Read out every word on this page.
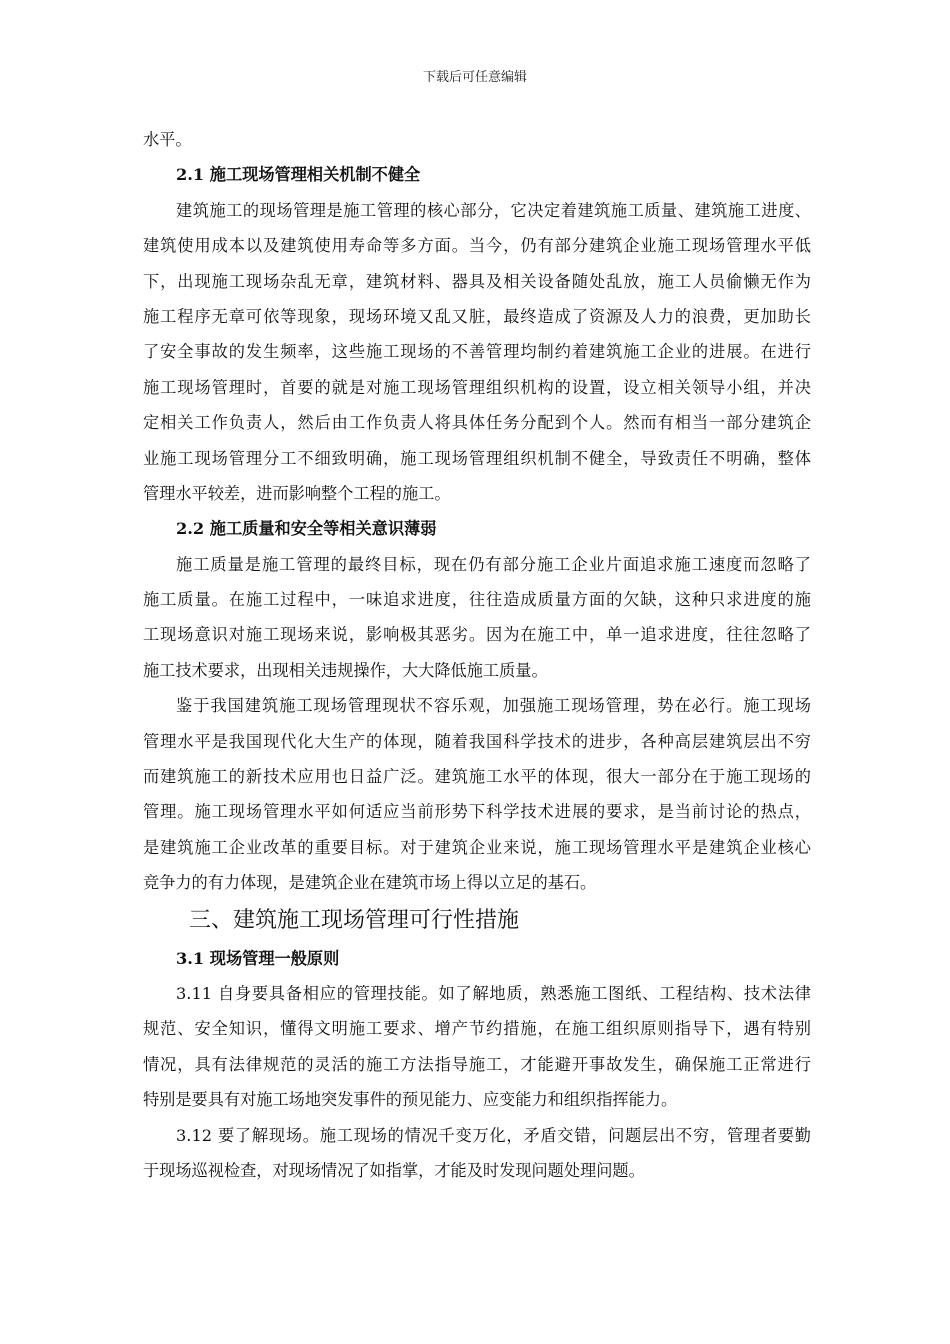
下载后可任意编辑
水平。
2.1 施工现场管理相关机制不健全
建筑施工的现场管理是施工管理的核心部分，它决定着建筑施工质量、建筑施工进度、
建筑使用成本以及建筑使用寿命等多方面。当今，仍有部分建筑企业施工现场管理水平低
下，出现施工现场杂乱无章，建筑材料、器具及相关设备随处乱放，施工人员偷懒无作为
施工程序无章可依等现象，现场环境又乱又脏，最终造成了资源及人力的浪费，更加助长
了安全事故的发生频率，这些施工现场的不善管理均制约着建筑施工企业的进展。在进行
施工现场管理时，首要的就是对施工现场管理组织机构的设置，设立相关领导小组，并决
定相关工作负责人，然后由工作负责人将具体任务分配到个人。然而有相当一部分建筑企
业施工现场管理分工不细致明确，施工现场管理组织机制不健全，导致责任不明确，整体
管理水平较差，进而影响整个工程的施工。
2.2 施工质量和安全等相关意识薄弱
施工质量是施工管理的最终目标，现在仍有部分施工企业片面追求施工速度而忽略了
施工质量。在施工过程中，一味追求进度，往往造成质量方面的欠缺，这种只求进度的施
工现场意识对施工现场来说，影响极其恶劣。因为在施工中，单一追求进度，往往忽略了
施工技术要求，出现相关违规操作，大大降低施工质量。
鉴于我国建筑施工现场管理现状不容乐观，加强施工现场管理，势在必行。施工现场
管理水平是我国现代化大生产的体现，随着我国科学技术的进步，各种高层建筑层出不穷
而建筑施工的新技术应用也日益广泛。建筑施工水平的体现，很大一部分在于施工现场的
管理。施工现场管理水平如何适应当前形势下科学技术进展的要求，是当前讨论的热点，
是建筑施工企业改革的重要目标。对于建筑企业来说，施工现场管理水平是建筑企业核心
竞争力的有力体现，是建筑企业在建筑市场上得以立足的基石。
三、建筑施工现场管理可行性措施
3.1 现场管理一般原则
3.11 自身要具备相应的管理技能。如了解地质，熟悉施工图纸、工程结构、技术法律
规范、安全知识，懂得文明施工要求、增产节约措施，在施工组织原则指导下，遇有特别
情况，具有法律规范的灵活的施工方法指导施工，才能避开事故发生，确保施工正常进行
特别是要具有对施工场地突发事件的预见能力、应变能力和组织指挥能力。
3.12 要了解现场。施工现场的情况千变万化，矛盾交错，问题层出不穷，管理者要勤
于现场巡视检查，对现场情况了如指掌，才能及时发现问题处理问题。
